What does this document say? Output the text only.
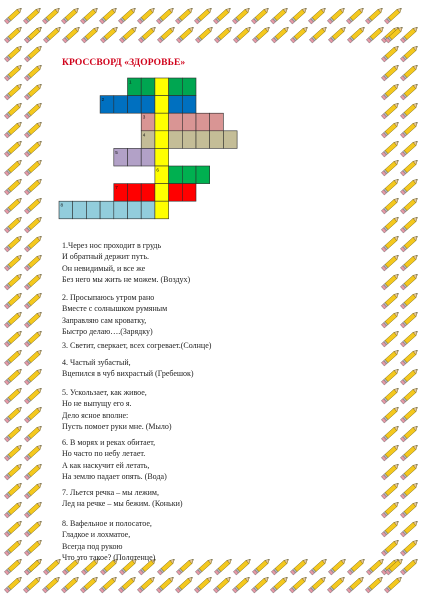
КРОССВОРД «ЗДОРОВЬЕ»
1
2
3
4
5
6
7
8

1.Через нос проходит в грудь
И обратный держит путь.
Он невидимый, и все же
Без него мы жить не можем. (Воздух)

2. Просыпаюсь утром рано
Вместе с солнышком румяным
Заправляю сам кроватку,
Быстро делаю….(Зарядку)

3. Светит, сверкает, всех согревает.(Солнце)

4. Частый зубастый,
Вцепился в чуб вихрастый (Гребешок)

5. Ускользает, как живое,
Но не выпущу его я.
Дело ясное вполне:
Пусть помоет руки мне. (Мыло)

6. В морях и реках обитает,
Но часто по небу летает.
А как наскучит ей летать,
На землю падает опять. (Вода)

7. Льется речка – мы лежим,
Лед на речке – мы бежим. (Коньки)

8. Вафельное и полосатое,
Гладкое и лохматое,
Всегда под рукою
Что это такое? (Полотенце)
